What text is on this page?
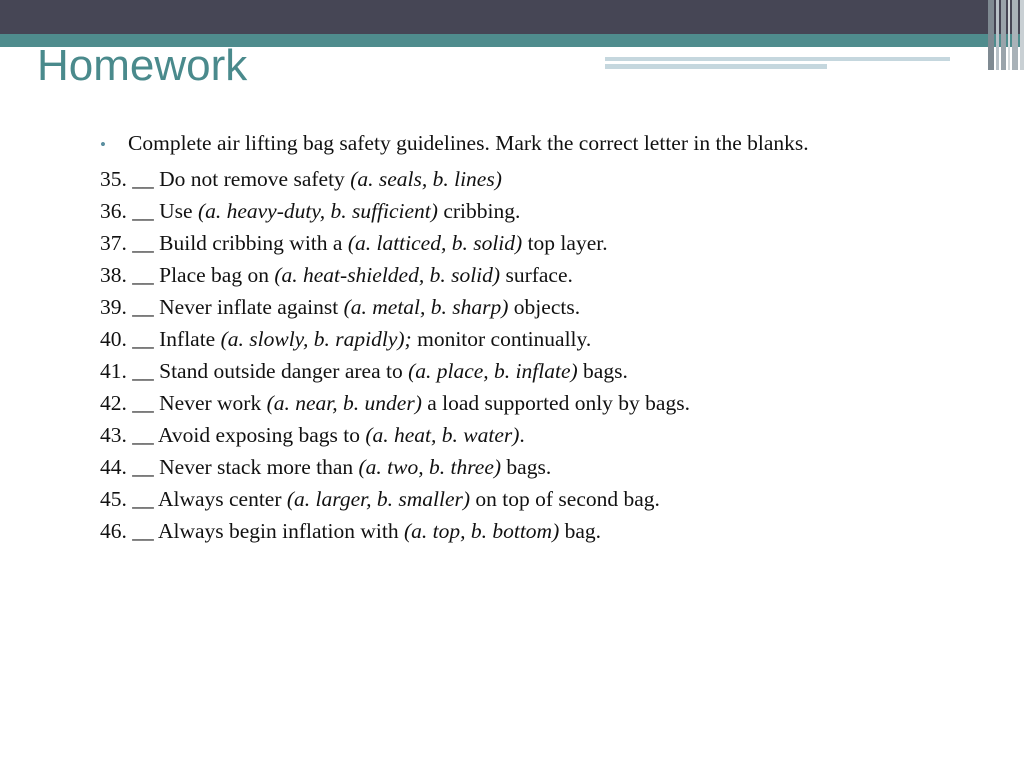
Homework
• Complete air lifting bag safety guidelines. Mark the correct letter in the blanks.
35. __ Do not remove safety (a. seals, b. lines)
36. __ Use (a. heavy-duty, b. sufficient) cribbing.
37. __ Build cribbing with a (a. latticed, b. solid) top layer.
38. __ Place bag on (a. heat-shielded, b. solid) surface.
39. __ Never inflate against (a. metal, b. sharp) objects.
40. __ Inflate (a. slowly, b. rapidly); monitor continually.
41. __ Stand outside danger area to (a. place, b. inflate) bags.
42. __ Never work (a. near, b. under) a load supported only by bags.
43. __ Avoid exposing bags to (a. heat, b. water).
44. __ Never stack more than (a. two, b. three) bags.
45. __ Always center (a. larger, b. smaller) on top of second bag.
46. __ Always begin inflation with (a. top, b. bottom) bag.
